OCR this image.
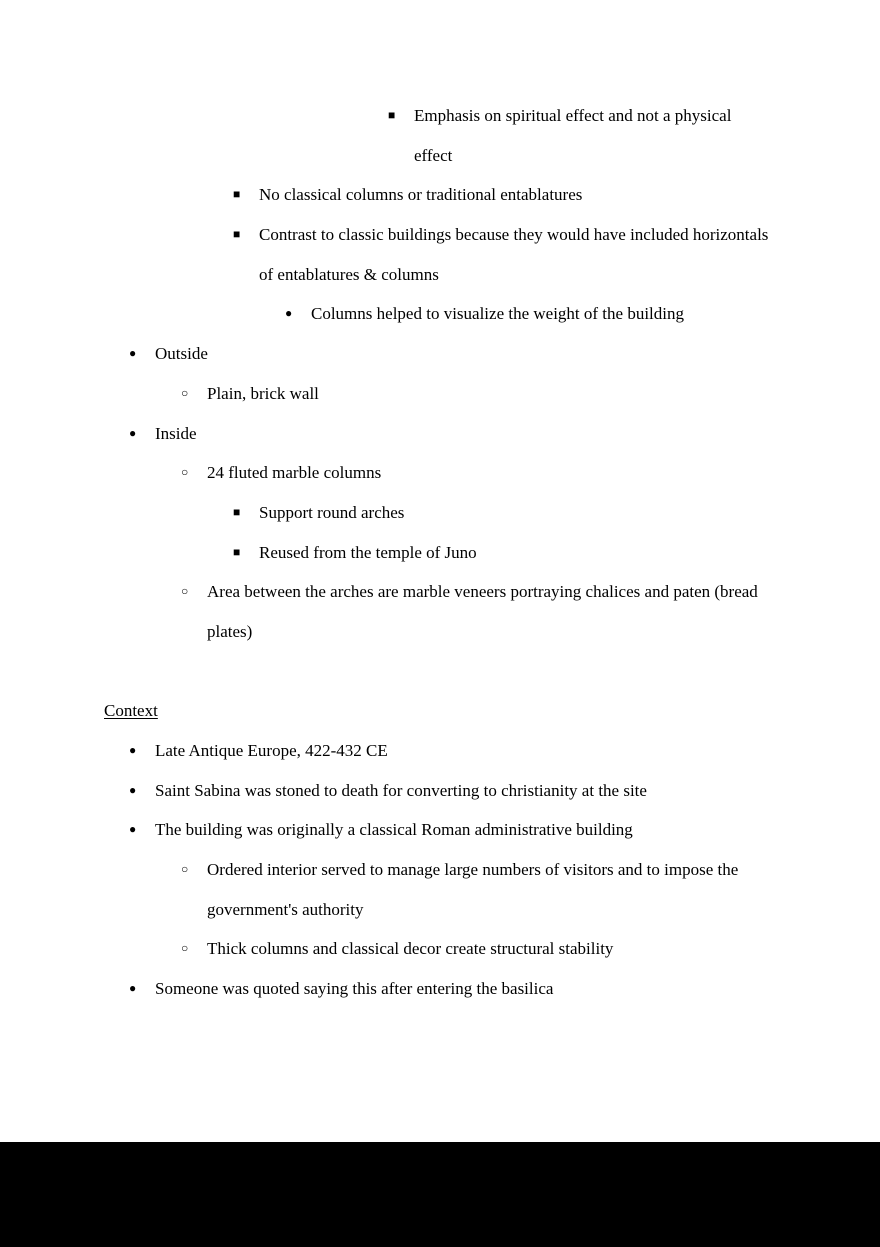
■ Emphasis on spiritual effect and not a physical
effect
■ No classical columns or traditional entablatures
■ Contrast to classic buildings because they would have included horizontals
of entablatures & columns
● Columns helped to visualize the weight of the building
● Outside
○ Plain, brick wall
● Inside
○ 24 fluted marble columns
■ Support round arches
■ Reused from the temple of Juno
○ Area between the arches are marble veneers portraying chalices and paten (bread
plates)
Context
● Late Antique Europe, 422-432 CE
● Saint Sabina was stoned to death for converting to christianity at the site
● The building was originally a classical Roman administrative building
○ Ordered interior served to manage large numbers of visitors and to impose the
government's authority
○ Thick columns and classical decor create structural stability
● Someone was quoted saying this after entering the basilica
